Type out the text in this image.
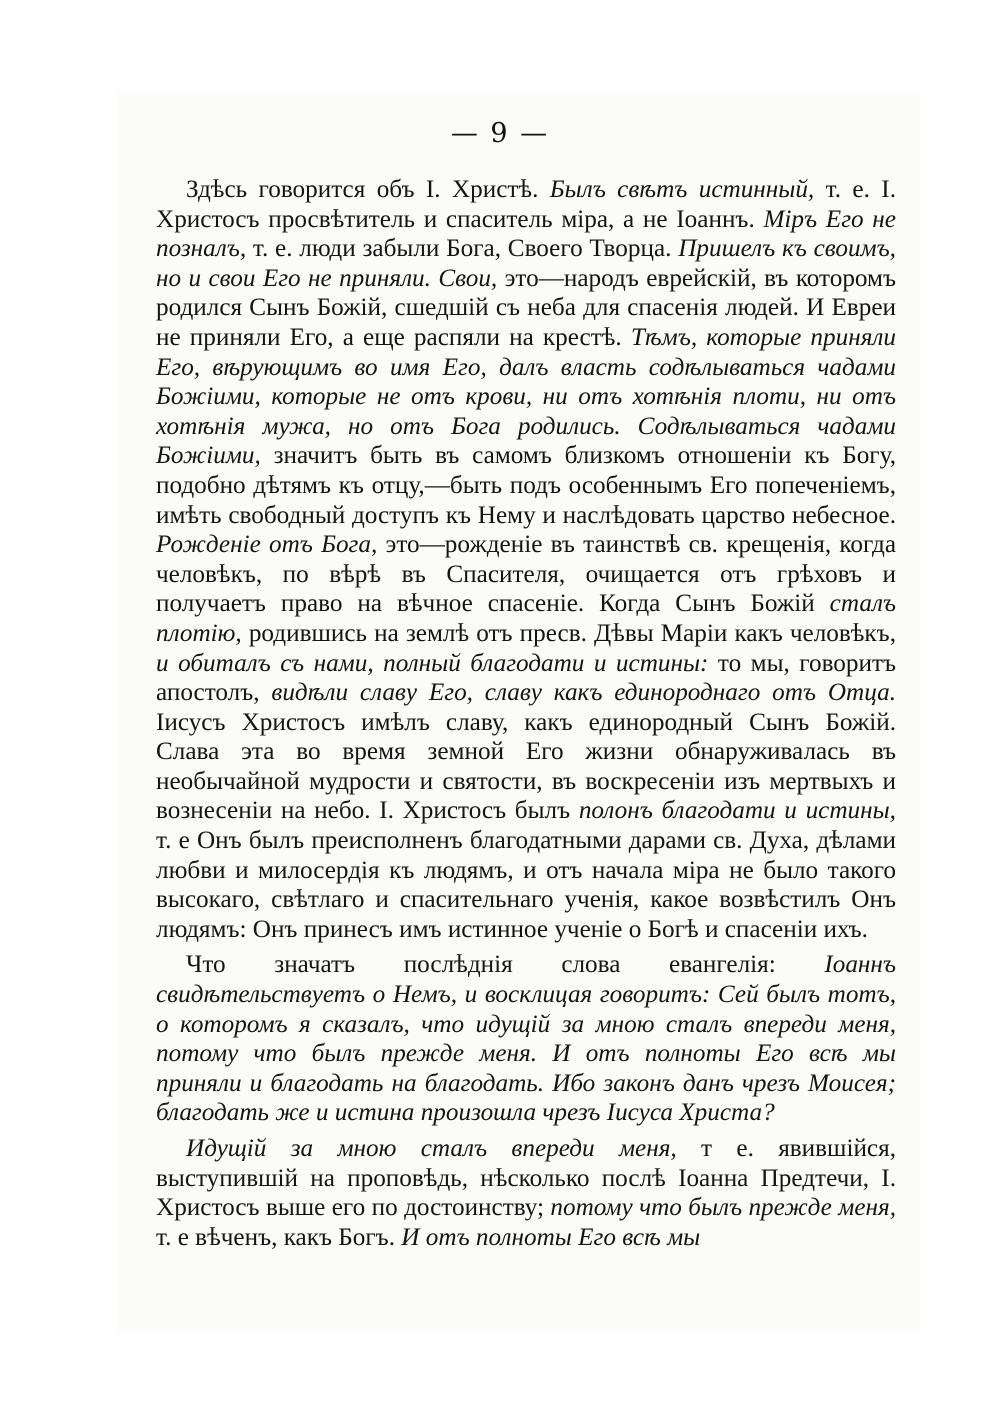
— 9 —

Здѣсь говорится объ І. Христѣ. Былъ свѣтъ истинный, т. е. І. Христосъ просвѣтитель и спаситель міра, а не Іоаннъ. Міръ Его не позналъ, т. е. люди забыли Бога, Своего Творца. Пришелъ къ своимъ, но и свои Его не приняли. Свои, это—народъ еврейскій, въ которомъ родился Сынъ Божій, сшедшій съ неба для спасенія людей. И Евреи не приняли Его, а еще распяли на крестѣ. Тѣмъ, которые приняли Его, вѣрующимъ во имя Его, далъ власть содѣлываться чадами Божіими, которые не отъ крови, ни отъ хотѣнія плоти, ни отъ хотѣнія мужа, но отъ Бога родились. Содѣлываться чадами Божіими, значитъ быть въ самомъ близкомъ отношеніи къ Богу, подобно дѣтямъ къ отцу,—быть подъ особеннымъ Его попеченіемъ, имѣть свободный доступъ къ Нему и наслѣдовать царство небесное. Рожденіе отъ Бога, это—рожденіе въ таинствѣ св. крещенія, когда человѣкъ, по вѣрѣ въ Спасителя, очищается отъ грѣховъ и получаетъ право на вѣчное спасеніе. Когда Сынъ Божій сталъ плотію, родившись на землѣ отъ пресв. Дѣвы Маріи какъ человѣкъ, и обиталъ съ нами, полный благодати и истины: то мы, говоритъ апостолъ, видѣли славу Его, славу какъ единороднаго отъ Отца. Іисусъ Христосъ имѣлъ славу, какъ единородный Сынъ Божій. Слава эта во время земной Его жизни обнаруживалась въ необычайной мудрости и святости, въ воскресеніи изъ мертвыхъ и вознесеніи на небо. І. Христосъ былъ полонъ благодати и истины, т. е Онъ былъ преисполненъ благодатными дарами св. Духа, дѣлами любви и милосердія къ людямъ, и отъ начала міра не было такого высокаго, свѣтлаго и спасительнаго ученія, какое возвѣстилъ Онъ людямъ: Онъ принесъ имъ истинное ученіе о Богѣ и спасеніи ихъ.

Что значатъ послѣднія слова евангелія: Іоаннъ свидѣтельствуетъ о Немъ, и восклицая говоритъ: Сей былъ тотъ, о которомъ я сказалъ, что идущій за мною сталъ впереди меня, потому что былъ прежде меня. И отъ полноты Его всѣ мы приняли и благодать на благодать. Ибо законъ данъ чрезъ Моисея; благодать же и истина произошла чрезъ Іисуса Христа?

Идущій за мною сталъ впереди меня, т е. явившійся, выступившій на проповѣдь, нѣсколько послѣ Іоанна Предтечи, І. Христосъ выше его по достоинству; потому что былъ прежде меня, т. е вѣченъ, какъ Богъ. И отъ полноты Его всѣ мы
